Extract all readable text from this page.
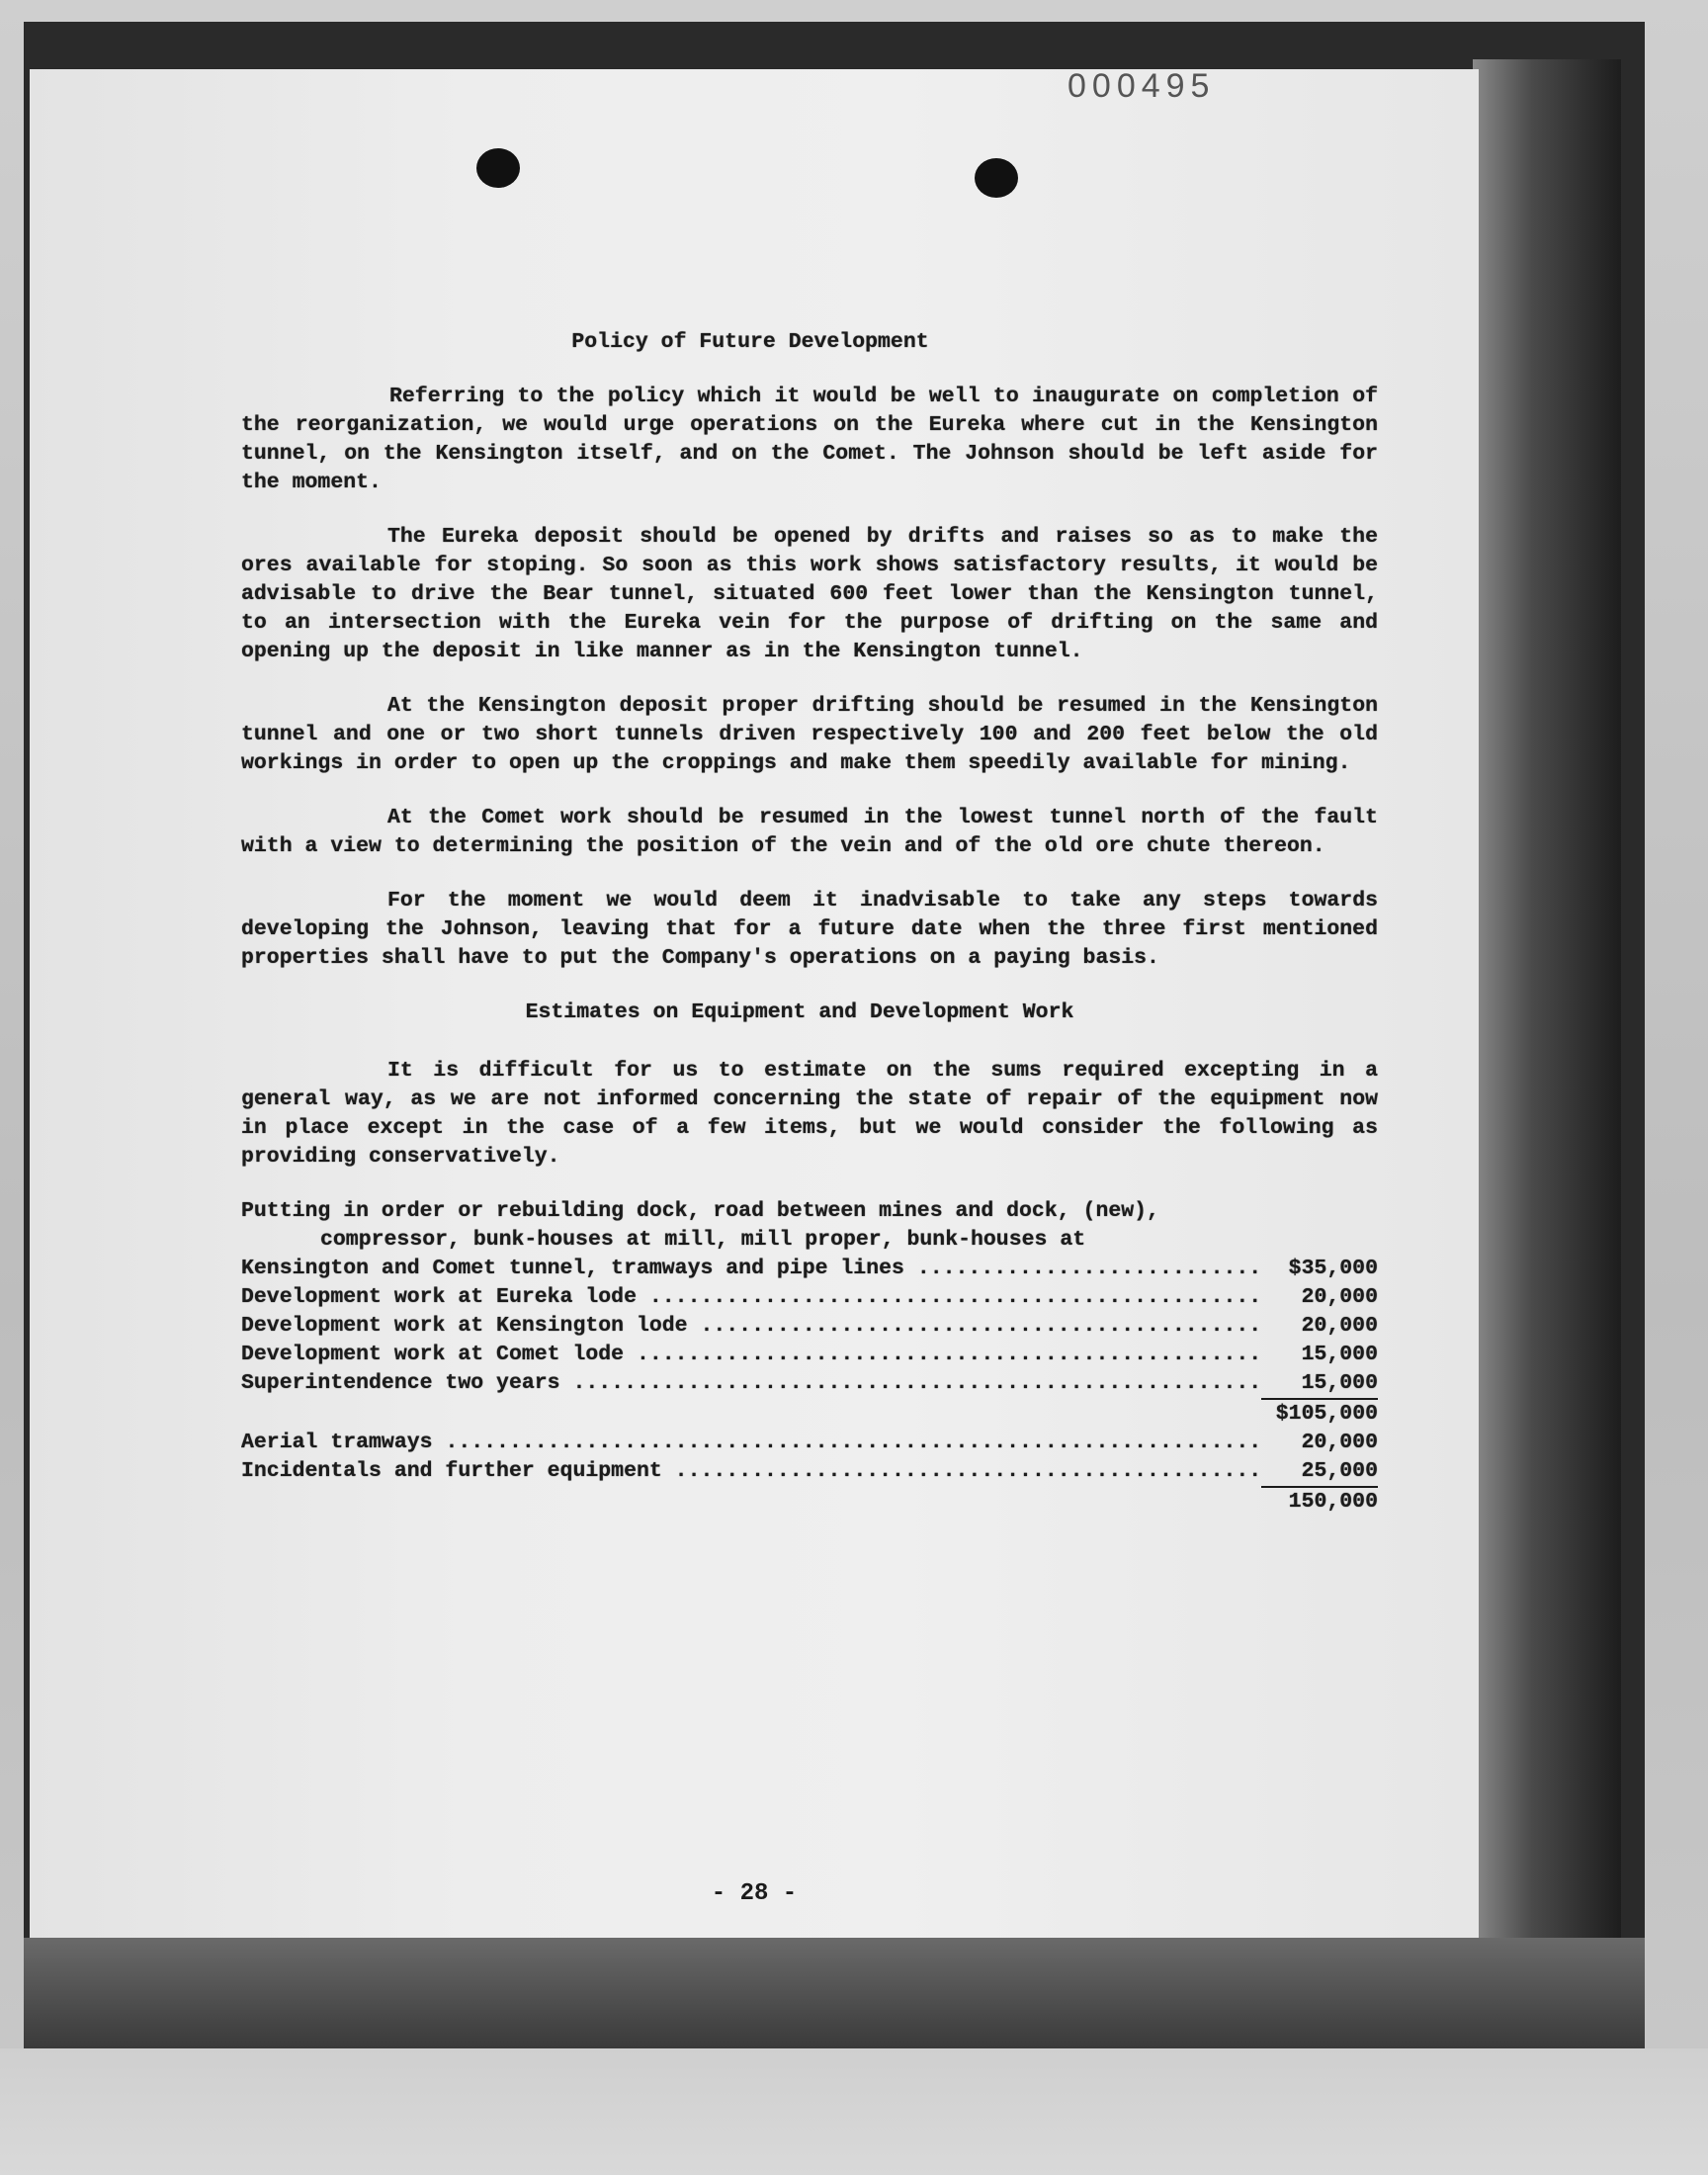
000495
Policy of Future Development

Referring to the policy which it would be well to inaugurate on completion of the reorganization, we would urge operations on the Eureka where cut in the Kensington tunnel, on the Kensington itself, and on the Comet. The Johnson should be left aside for the moment.

The Eureka deposit should be opened by drifts and raises so as to make the ores available for stoping. So soon as this work shows satisfactory results, it would be advisable to drive the Bear tunnel, situated 600 feet lower than the Kensington tunnel, to an intersection with the Eureka vein for the purpose of drifting on the same and opening up the deposit in like manner as in the Kensington tunnel.

At the Kensington deposit proper drifting should be resumed in the Kensington tunnel and one or two short tunnels driven respectively 100 and 200 feet below the old workings in order to open up the croppings and make them speedily available for mining.

At the Comet work should be resumed in the lowest tunnel north of the fault with a view to determining the position of the vein and of the old ore chute thereon.

For the moment we would deem it inadvisable to take any steps towards developing the Johnson, leaving that for a future date when the three first mentioned properties shall have to put the Company's operations on a paying basis.

Estimates on Equipment and Development Work

It is difficult for us to estimate on the sums required excepting in a general way, as we are not informed concerning the state of repair of the equipment now in place except in the case of a few items, but we would consider the following as providing conservatively.

Putting in order or rebuilding dock, road between mines and dock, (new),
compressor, bunk-houses at mill, mill proper, bunk-houses at
Kensington and Comet tunnel, tramways and pipe lines .....	$35,000
Development work at Eureka lode .....	20,000
Development work at Kensington lode .....	20,000
Development work at Comet lode .....	15,000
Superintendence two years .....	15,000
$105,000
Aerial tramways .....	20,000
Incidentals and further equipment .....	25,000
150,000
- 28 -
